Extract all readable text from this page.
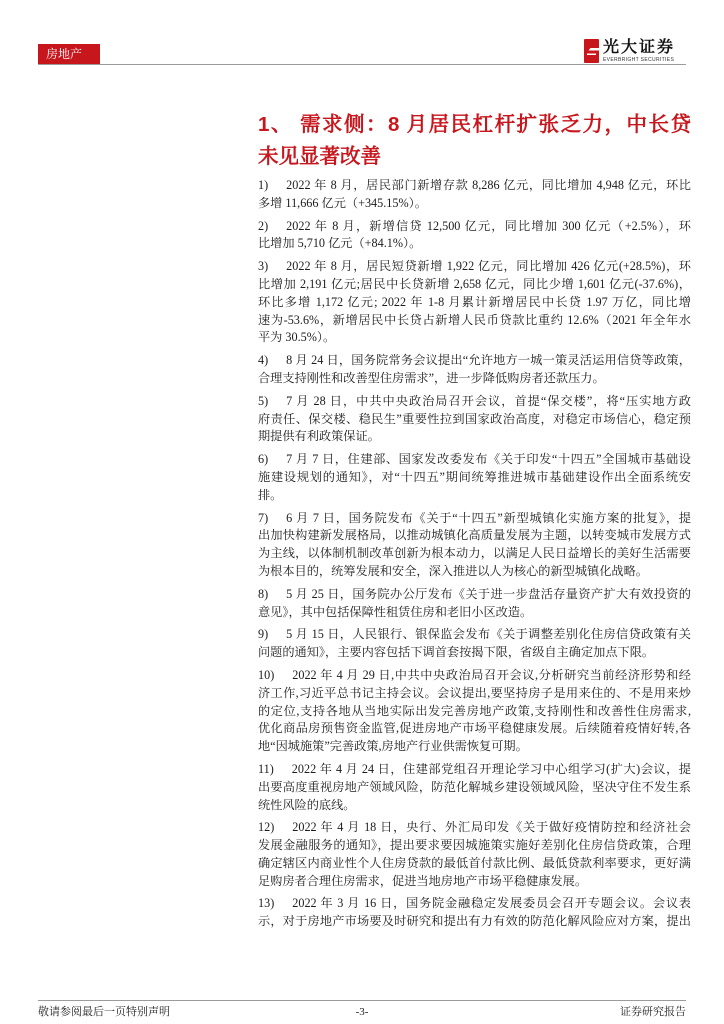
房地产	光大证券
EVERBRIGHT SECURITIES
1、 需求侧：8 月居民杠杆扩张乏力，中长贷
未见显著改善
1) 2022 年 8 月，居民部门新增存款 8,286 亿元，同比增加 4,948 亿元，环比
多增 11,666 亿元（+345.15%）。
2) 2022 年 8 月，新增信贷 12,500 亿元，同比增加 300 亿元（+2.5%），环
比增加 5,710 亿元（+84.1%）。
3) 2022 年 8 月，居民短贷新增 1,922 亿元，同比增加 426 亿元(+28.5%)，环
比增加 2,191 亿元;居民中长贷新增 2,658 亿元，同比少增 1,601 亿元(-37.6%)，
环比多增 1,172 亿元; 2022 年 1-8 月累计新增居民中长贷 1.97 万亿，同比增
速为-53.6%，新增居民中长贷占新增人民币贷款比重约 12.6%（2021 年全年水
平为 30.5%）。
4) 8 月 24 日，国务院常务会议提出“允许地方一城一策灵活运用信贷等政策，
合理支持刚性和改善型住房需求”，进一步降低购房者还款压力。
5) 7 月 28 日，中共中央政治局召开会议，首提“保交楼”，将“压实地方政
府责任、保交楼、稳民生”重要性拉到国家政治高度，对稳定市场信心，稳定预
期提供有利政策保证。
6) 7 月 7 日，住建部、国家发改委发布《关于印发“十四五”全国城市基础设
施建设规划的通知》，对“十四五”期间统筹推进城市基础建设作出全面系统安
排。
7) 6 月 7 日，国务院发布《关于“十四五”新型城镇化实施方案的批复》，提
出加快构建新发展格局，以推动城镇化高质量发展为主题，以转变城市发展方式
为主线，以体制机制改革创新为根本动力，以满足人民日益增长的美好生活需要
为根本目的，统筹发展和安全，深入推进以人为核心的新型城镇化战略。
8) 5 月 25 日，国务院办公厅发布《关于进一步盘活存量资产扩大有效投资的
意见》，其中包括保障性租赁住房和老旧小区改造。
9) 5 月 15 日，人民银行、银保监会发布《关于调整差别化住房信贷政策有关
问题的通知》，主要内容包括下调首套按揭下限，省级自主确定加点下限。
10) 2022 年 4 月 29 日,中共中央政治局召开会议,分析研究当前经济形势和经
济工作,习近平总书记主持会议。会议提出,要坚持房子是用来住的、不是用来炒
的定位,支持各地从当地实际出发完善房地产政策,支持刚性和改善性住房需求,
优化商品房预售资金监管,促进房地产市场平稳健康发展。后续随着疫情好转,各
地“因城施策”完善政策,房地产行业供需恢复可期。
11) 2022 年 4 月 24 日，住建部党组召开理论学习中心组学习(扩大)会议，提
出要高度重视房地产领域风险，防范化解城乡建设领域风险，坚决守住不发生系
统性风险的底线。
12) 2022 年 4 月 18 日，央行、外汇局印发《关于做好疫情防控和经济社会
发展金融服务的通知》，提出要求要因城施策实施好差别化住房信贷政策，合理
确定辖区内商业性个人住房贷款的最低首付款比例、最低贷款利率要求，更好满
足购房者合理住房需求，促进当地房地产市场平稳健康发展。
13) 2022 年 3 月 16 日，国务院金融稳定发展委员会召开专题会议。会议表
示，对于房地产市场要及时研究和提出有力有效的防范化解风险应对方案，提出
敬请参阅最后一页特别声明	-3-	证券研究报告
